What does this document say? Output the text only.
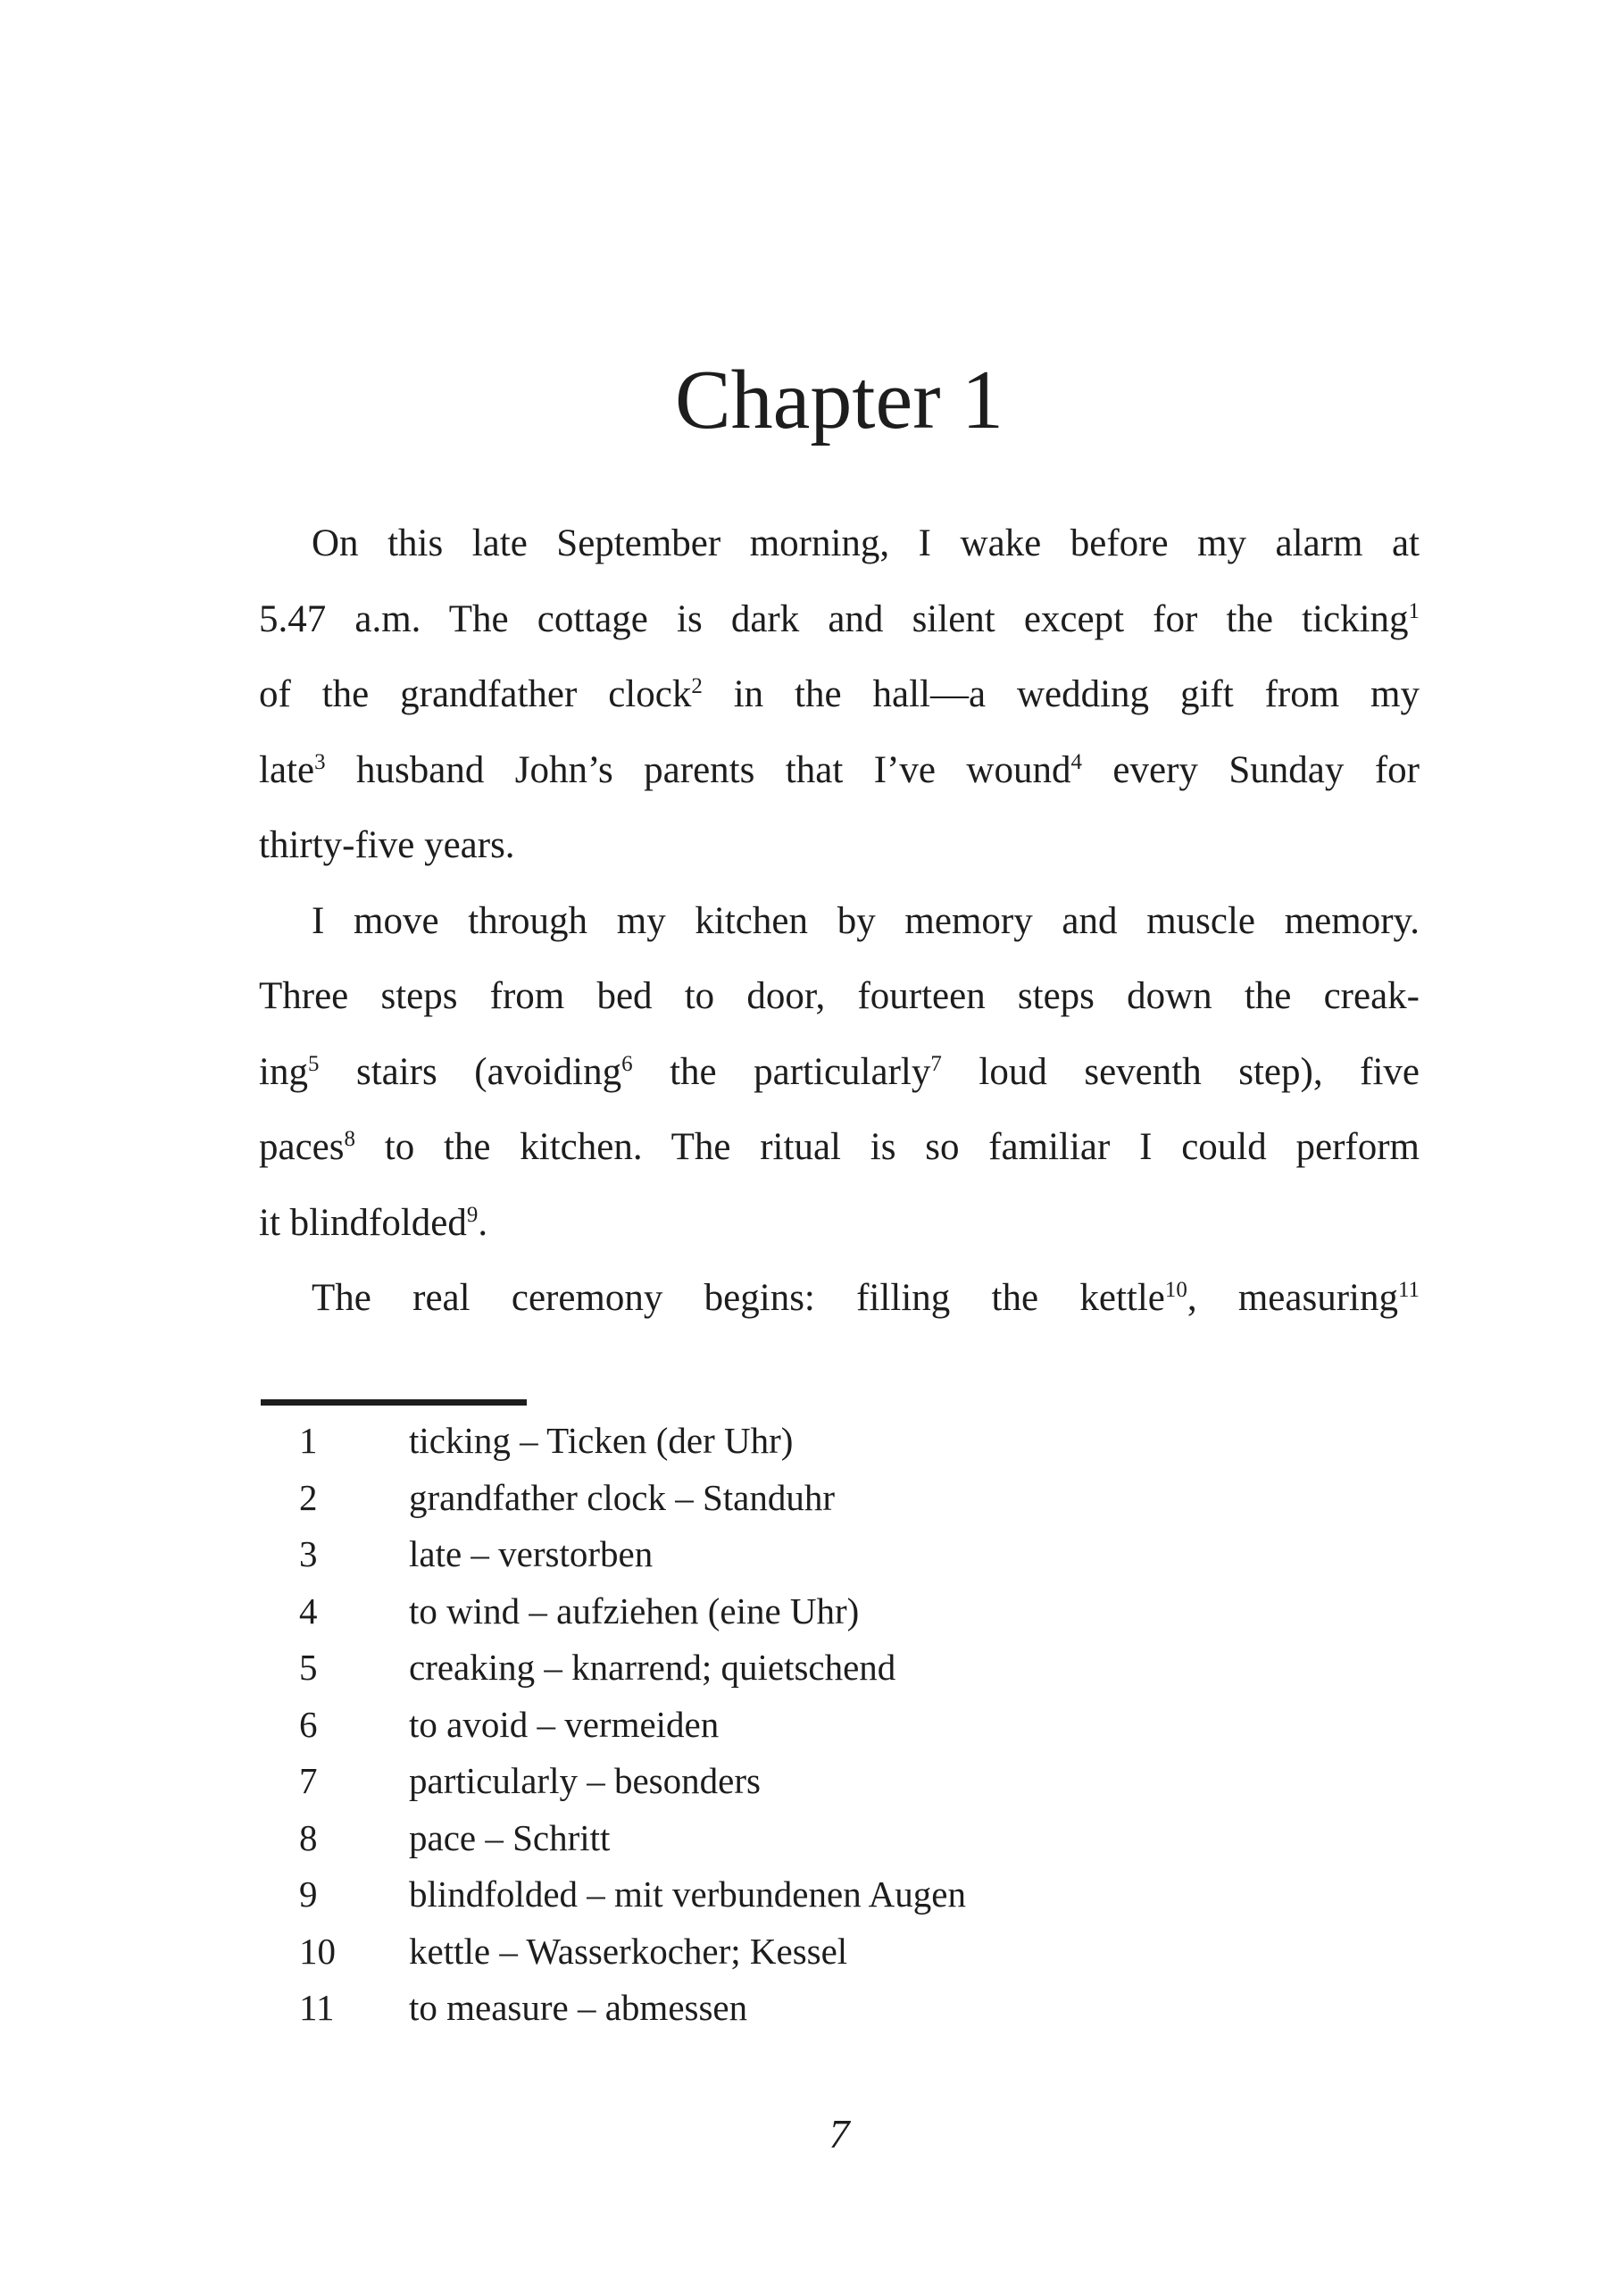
Chapter 1
On this late September morning, I wake before my alarm at
5.47 a.m. The cottage is dark and silent except for the ticking$^1$
of the grandfather clock$^2$ in the hall—a wedding gift from my
late$^3$ husband John’s parents that I’ve wound$^4$ every Sunday for
thirty-five years.
I move through my kitchen by memory and muscle memory.
Three steps from bed to door, fourteen steps down the creak-
ing$^5$ stairs (avoiding$^6$ the particularly$^7$ loud seventh step), five
paces$^8$ to the kitchen. The ritual is so familiar I could perform
it blindfolded$^9$.
The real ceremony begins: filling the kettle$^{10}$, measuring$^{11}$
1	ticking – Ticken (der Uhr)
2	grandfather clock – Standuhr
3	late – verstorben
4	to wind – aufziehen (eine Uhr)
5	creaking – knarrend; quietschend
6	to avoid – vermeiden
7	particularly – besonders
8	pace – Schritt
9	blindfolded – mit verbundenen Augen
10 kettle – Wasserkocher; Kessel
11 to measure – abmessen
7
